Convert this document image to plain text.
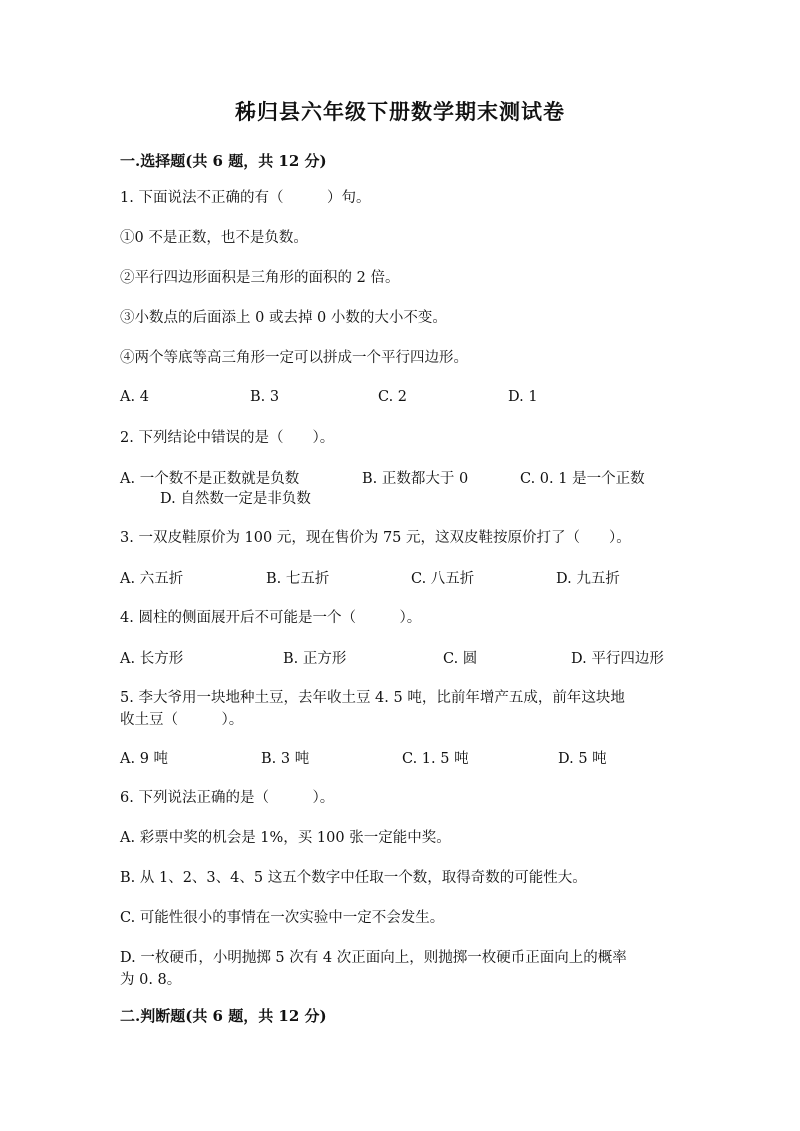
秭归县六年级下册数学期末测试卷
一.选择题(共 6 题，共 12 分)
1. 下面说法不正确的有（　　　）句。
①0 不是正数，也不是负数。
②平行四边形面积是三角形的面积的 2 倍。
③小数点的后面添上 0 或去掉 0 小数的大小不变。
④两个等底等高三角形一定可以拼成一个平行四边形。
A. 4	B. 3	C. 2	D. 1
2. 下列结论中错误的是（　　）。
A. 一个数不是正数就是负数	B. 正数都大于 0	C. 0. 1 是一个正数
D. 自然数一定是非负数
3. 一双皮鞋原价为 100 元，现在售价为 75 元，这双皮鞋按原价打了（　　）。
A. 六五折	B. 七五折	C. 八五折	D. 九五折
4. 圆柱的侧面展开后不可能是一个（　　　）。
A. 长方形	B. 正方形	C. 圆	D. 平行四边形
5. 李大爷用一块地种土豆，去年收土豆 4. 5 吨，比前年增产五成，前年这块地
收土豆（　　　）。
A. 9 吨	B. 3 吨	C. 1. 5 吨	D. 5 吨
6. 下列说法正确的是（　　　）。
A. 彩票中奖的机会是 1%，买 100 张一定能中奖。
B. 从 1、2、3、4、5 这五个数字中任取一个数，取得奇数的可能性大。
C. 可能性很小的事情在一次实验中一定不会发生。
D. 一枚硬币，小明抛掷 5 次有 4 次正面向上，则抛掷一枚硬币正面向上的概率
为 0. 8。
二.判断题(共 6 题，共 12 分)
